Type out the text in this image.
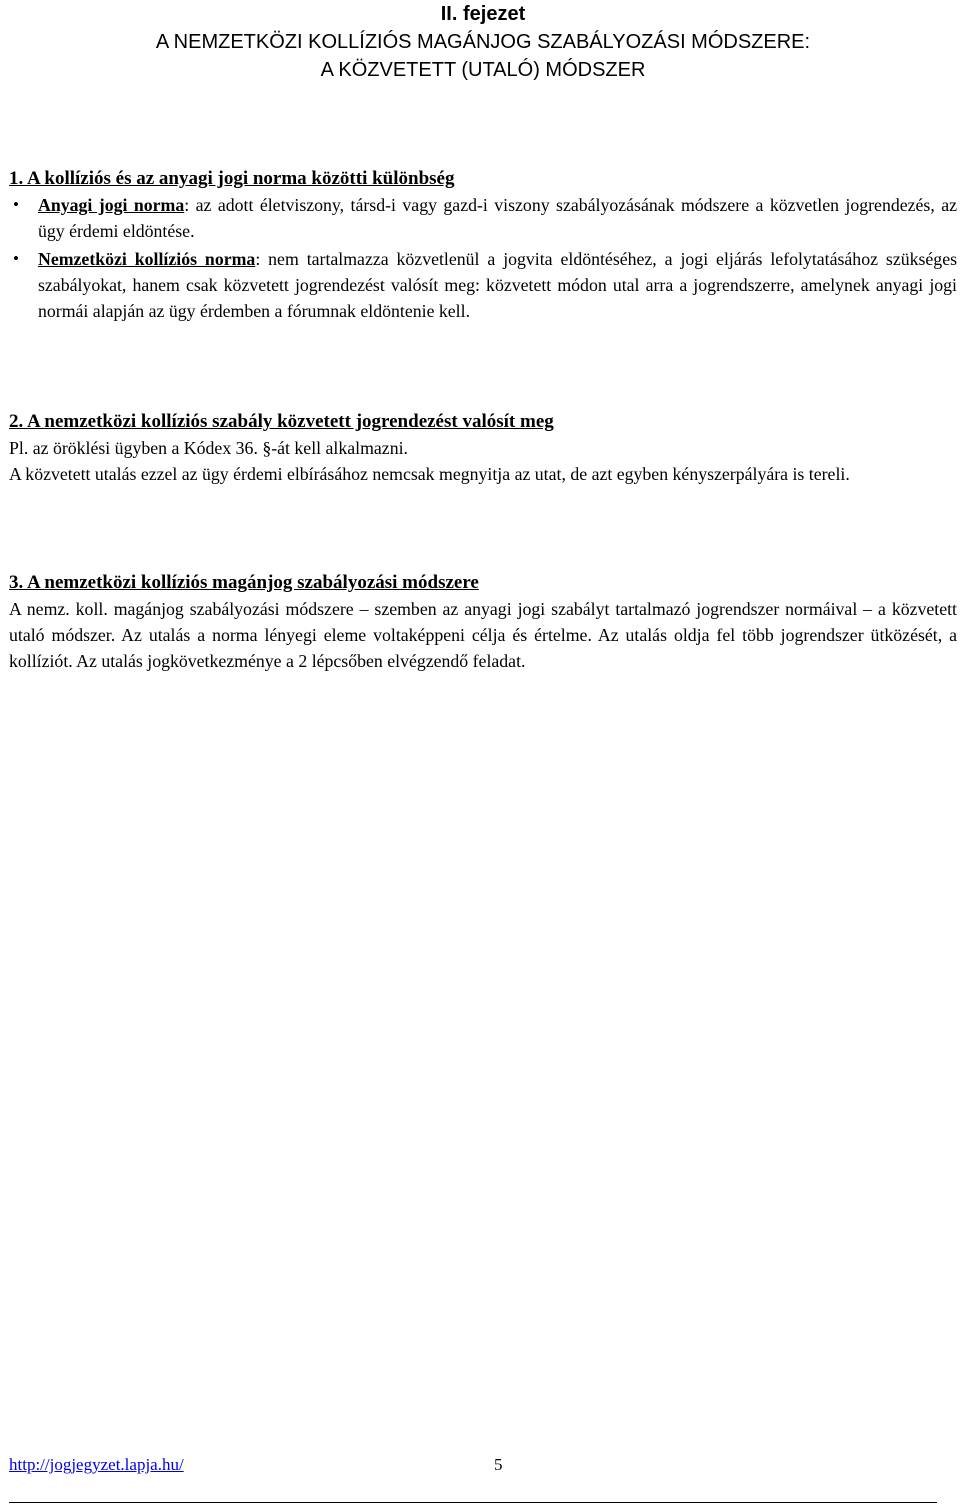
II. fejezet
A NEMZETKÖZI KOLLÍZIÓS MAGÁNJOG SZABÁLYOZÁSI MÓDSZERE:
A KÖZVETETT (UTALÓ) MÓDSZER
1. A kollíziós és az anyagi jogi norma közötti különbség
• Anyagi jogi norma: az adott életviszony, társd-i vagy gazd-i viszony szabályozásának módszere a közvetlen jogrendezés, az ügy érdemi eldöntése.
• Nemzetközi kollíziós norma: nem tartalmazza közvetlenül a jogvita eldöntéséhez, a jogi eljárás lefolytatásához szükséges szabályokat, hanem csak közvetett jogrendezést valósít meg: közvetett módon utal arra a jogrendszerre, amelynek anyagi jogi normái alapján az ügy érdemben a fórumnak eldöntenie kell.
2. A nemzetközi kollíziós szabály közvetett jogrendezést valósít meg

Pl. az öröklési ügyben a Kódex 36. §-át kell alkalmazni.

A közvetett utalás ezzel az ügy érdemi elbírásához nemcsak megnyitja az utat, de azt egyben kényszerpályára is tereli.

3. A nemzetközi kollíziós magánjog szabályozási módszere

A nemz. koll. magánjog szabályozási módszere – szemben az anyagi jogi szabályt tartalmazó jogrendszer normáival – a közvetett utaló módszer. Az utalás a norma lényegi eleme voltaképpeni célja és értelme. Az utalás oldja fel több jogrendszer ütközését, a kollíziót. Az utalás jogkövetkezménye a 2 lépcsőben elvégzendő feladat.

http://jogjegyzet.lapja.hu/	5
